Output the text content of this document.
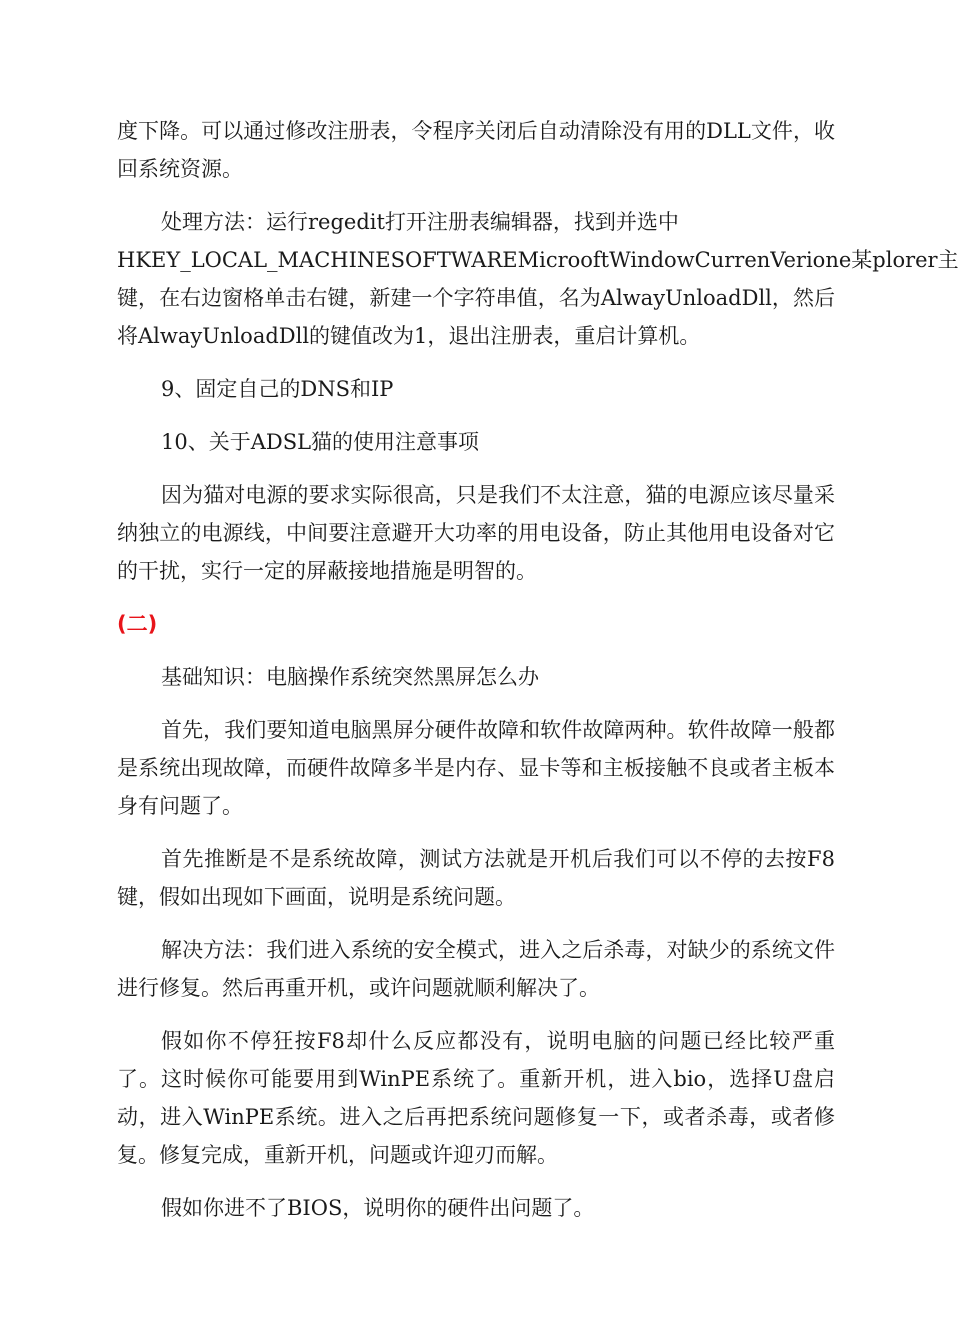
度下降。可以通过修改注册表，令程序关闭后自动清除没有用的DLL文件，收回系统资源。

处理方法：运行regedit打开注册表编辑器，找到并选中
HKEY_LOCAL_MACHINESOFTWAREMicrooftWindowCurrenVerione某plorer主
键，在右边窗格单击右键，新建一个字符串值，名为AlwayUnloadDll，然后将AlwayUnloadDll的键值改为1，退出注册表，重启计算机。

9、固定自己的DNS和IP

10、关于ADSL猫的使用注意事项

因为猫对电源的要求实际很高，只是我们不太注意，猫的电源应该尽量采纳独立的电源线，中间要注意避开大功率的用电设备，防止其他用电设备对它的干扰，实行一定的屏蔽接地措施是明智的。

(二)

基础知识：电脑操作系统突然黑屏怎么办

首先，我们要知道电脑黑屏分硬件故障和软件故障两种。软件故障一般都是系统出现故障，而硬件故障多半是内存、显卡等和主板接触不良或者主板本身有问题了。

首先推断是不是系统故障，测试方法就是开机后我们可以不停的去按F8键，假如出现如下画面，说明是系统问题。

解决方法：我们进入系统的安全模式，进入之后杀毒，对缺少的系统文件进行修复。然后再重开机，或许问题就顺利解决了。

假如你不停狂按F8却什么反应都没有，说明电脑的问题已经比较严重了。这时候你可能要用到WinPE系统了。重新开机，进入bio，选择U盘启动，进入WinPE系统。进入之后再把系统问题修复一下，或者杀毒，或者修复。修复完成，重新开机，问题或许迎刃而解。

假如你进不了BIOS，说明你的硬件出问题了。
